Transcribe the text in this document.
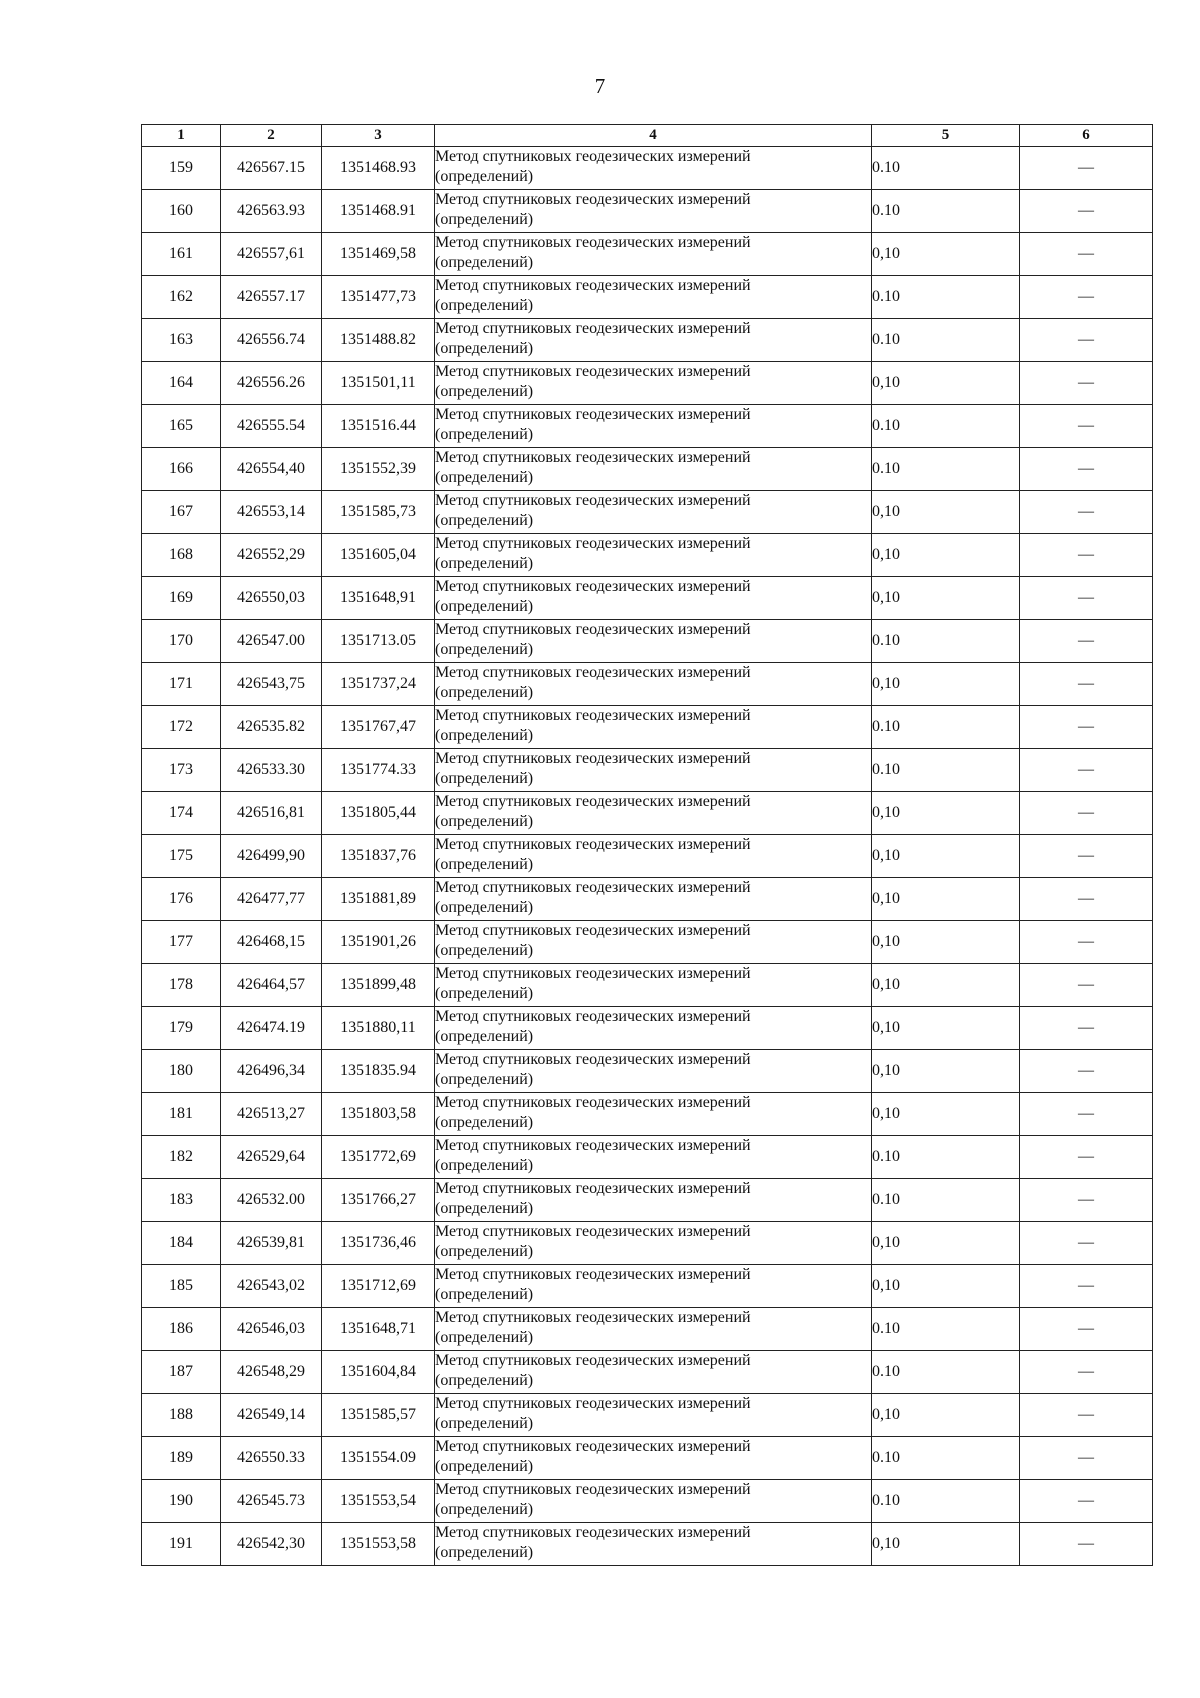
7
1	2	3	4	5	6
159	426567.15	1351468.93	Метод спутниковых геодезических измерений
(определений)	0.10	—
160	426563.93	1351468.91	Метод спутниковых геодезических измерений
(определений)	0.10	—
161	426557,61	1351469,58	Метод спутниковых геодезических измерений
(определений)	0,10	—
162	426557.17	1351477,73	Метод спутниковых геодезических измерений
(определений)	0.10	—
163	426556.74	1351488.82	Метод спутниковых геодезических измерений
(определений)	0.10	—
164	426556.26	1351501,11	Метод спутниковых геодезических измерений
(определений)	0,10	—
165	426555.54	1351516.44	Метод спутниковых геодезических измерений
(определений)	0.10	—
166	426554,40	1351552,39	Метод спутниковых геодезических измерений
(определений)	0.10	—
167	426553,14	1351585,73	Метод спутниковых геодезических измерений
(определений)	0,10	—
168	426552,29	1351605,04	Метод спутниковых геодезических измерений
(определений)	0,10	—
169	426550,03	1351648,91	Метод спутниковых геодезических измерений
(определений)	0,10	—
170	426547.00	1351713.05	Метод спутниковых геодезических измерений
(определений)	0.10	—
171	426543,75	1351737,24	Метод спутниковых геодезических измерений
(определений)	0,10	—
172	426535.82	1351767,47	Метод спутниковых геодезических измерений
(определений)	0.10	—
173	426533.30	1351774.33	Метод спутниковых геодезических измерений
(определений)	0.10	—
174	426516,81	1351805,44	Метод спутниковых геодезических измерений
(определений)	0,10	—
175	426499,90	1351837,76	Метод спутниковых геодезических измерений
(определений)	0,10	—
176	426477,77	1351881,89	Метод спутниковых геодезических измерений
(определений)	0,10	—
177	426468,15	1351901,26	Метод спутниковых геодезических измерений
(определений)	0,10	—
178	426464,57	1351899,48	Метод спутниковых геодезических измерений
(определений)	0,10	—
179	426474.19	1351880,11	Метод спутниковых геодезических измерений
(определений)	0,10	—
180	426496,34	1351835.94	Метод спутниковых геодезических измерений
(определений)	0,10	—
181	426513,27	1351803,58	Метод спутниковых геодезических измерений
(определений)	0,10	—
182	426529,64	1351772,69	Метод спутниковых геодезических измерений
(определений)	0.10	—
183	426532.00	1351766,27	Метод спутниковых геодезических измерений
(определений)	0.10	—
184	426539,81	1351736,46	Метод спутниковых геодезических измерений
(определений)	0,10	—
185	426543,02	1351712,69	Метод спутниковых геодезических измерений
(определений)	0,10	—
186	426546,03	1351648,71	Метод спутниковых геодезических измерений
(определений)	0.10	—
187	426548,29	1351604,84	Метод спутниковых геодезических измерений
(определений)	0.10	—
188	426549,14	1351585,57	Метод спутниковых геодезических измерений
(определений)	0,10	—
189	426550.33	1351554.09	Метод спутниковых геодезических измерений
(определений)	0.10	—
190	426545.73	1351553,54	Метод спутниковых геодезических измерений
(определений)	0.10	—
191	426542,30	1351553,58	Метод спутниковых геодезических измерений
(определений)	0,10	—
